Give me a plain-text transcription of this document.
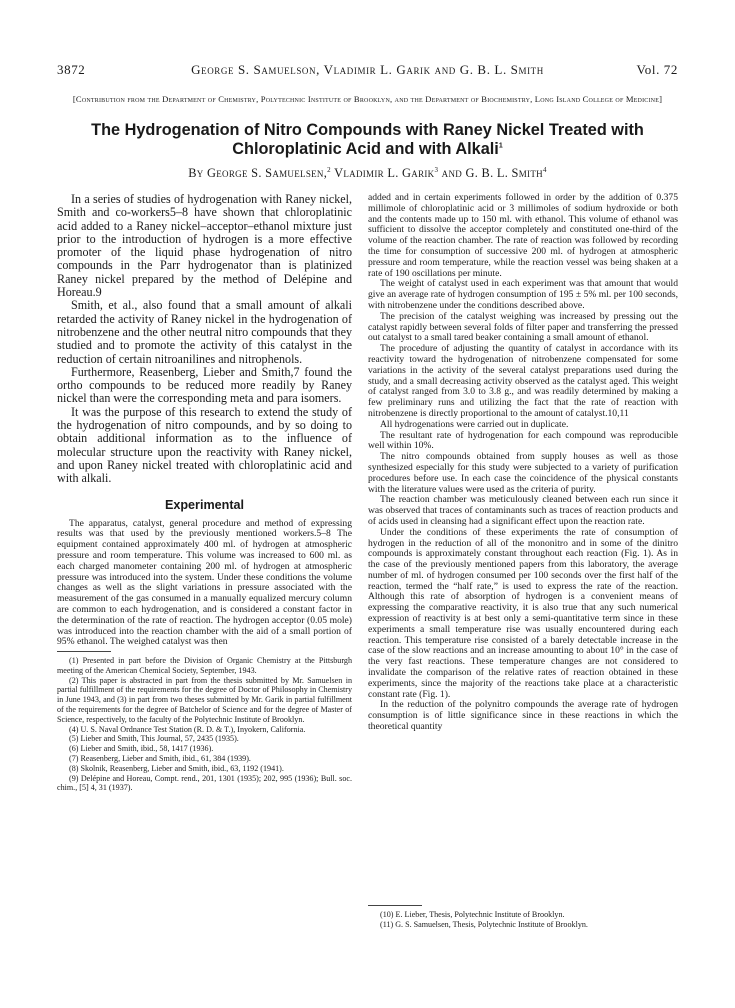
3872	George S. Samuelson, Vladimir L. Garik and G. B. L. Smith	Vol. 72
[Contribution from the Department of Chemistry, Polytechnic Institute of Brooklyn, and the Department of Biochemistry, Long Island College of Medicine]
The Hydrogenation of Nitro Compounds with Raney Nickel Treated with Chloroplatinic Acid and with Alkali$^1$
By George S. Samuelsen,$^2$ Vladimir L. Garik$^3$ and G. B. L. Smith$^4$

In a series of studies of hydrogenation with Raney nickel, Smith and co-workers5–8 have shown that chloroplatinic acid added to a Raney nickel–acceptor–ethanol mixture just prior to the introduction of hydrogen is a more effective promoter of the liquid phase hydrogenation of nitro compounds in the Parr hydrogenator than is platinized Raney nickel prepared by the method of Delépine and Horeau.9

Smith, et al., also found that a small amount of alkali retarded the activity of Raney nickel in the hydrogenation of nitrobenzene and the other neutral nitro compounds that they studied and to promote the activity of this catalyst in the reduction of certain nitroanilines and nitrophenols.

Furthermore, Reasenberg, Lieber and Smith,7 found the ortho compounds to be reduced more readily by Raney nickel than were the corresponding meta and para isomers.

It was the purpose of this research to extend the study of the hydrogenation of nitro compounds, and by so doing to obtain additional information as to the influence of molecular structure upon the reactivity with Raney nickel, and upon Raney nickel treated with chloroplatinic acid and with alkali.

Experimental

The apparatus, catalyst, general procedure and method of expressing results was that used by the previously mentioned workers.5–8 The equipment contained approximately 400 ml. of hydrogen at atmospheric pressure and room temperature. This volume was increased to 600 ml. as each charged manometer containing 200 ml. of hydrogen at atmospheric pressure was introduced into the system. Under these conditions the volume changes as well as the slight variations in pressure associated with the measurement of the gas consumed in a manually equalized mercury column are common to each hydrogenation, and is considered a constant factor in the determination of the rate of reaction. The hydrogen acceptor (0.05 mole) was introduced into the reaction chamber with the aid of a small portion of 95% ethanol. The weighed catalyst was then

(1) Presented in part before the Division of Organic Chemistry at the Pittsburgh meeting of the American Chemical Society, September, 1943.

(2) This paper is abstracted in part from the thesis submitted by Mr. Samuelsen in partial fulfillment of the requirements for the degree of Doctor of Philosophy in Chemistry in June 1943, and (3) in part from two theses submitted by Mr. Garik in partial fulfillment of the requirements for the degree of Batchelor of Science and for the degree of Master of Science, respectively, to the faculty of the Polytechnic Institute of Brooklyn.

(4) U. S. Naval Ordnance Test Station (R. D. & T.), Inyokern, California.

(5) Lieber and Smith, This Journal, 57, 2435 (1935).

(6) Lieber and Smith, ibid., 58, 1417 (1936).

(7) Reasenberg, Lieber and Smith, ibid., 61, 384 (1939).

(8) Skolnik, Reasenberg, Lieber and Smith, ibid., 63, 1192 (1941).

(9) Delépine and Horeau, Compt. rend., 201, 1301 (1935); 202, 995 (1936); Bull. soc. chim., [5] 4, 31 (1937).

added and in certain experiments followed in order by the addition of 0.375 millimole of chloroplatinic acid or 3 millimoles of sodium hydroxide or both and the contents made up to 150 ml. with ethanol. This volume of ethanol was sufficient to dissolve the acceptor completely and constituted one-third of the volume of the reaction chamber. The rate of reaction was followed by recording the time for consumption of successive 200 ml. of hydrogen at atmospheric pressure and room temperature, while the reaction vessel was being shaken at a rate of 190 oscillations per minute.

The weight of catalyst used in each experiment was that amount that would give an average rate of hydrogen consumption of 195 ± 5% ml. per 100 seconds, with nitrobenzene under the conditions described above.

The precision of the catalyst weighing was increased by pressing out the catalyst rapidly between several folds of filter paper and transferring the pressed out catalyst to a small tared beaker containing a small amount of ethanol.

The procedure of adjusting the quantity of catalyst in accordance with its reactivity toward the hydrogenation of nitrobenzene compensated for some variations in the activity of the several catalyst preparations used during the study, and a small decreasing activity observed as the catalyst aged. This weight of catalyst ranged from 3.0 to 3.8 g., and was readily determined by making a few preliminary runs and utilizing the fact that the rate of reaction with nitrobenzene is directly proportional to the amount of catalyst.10,11

All hydrogenations were carried out in duplicate.

The resultant rate of hydrogenation for each compound was reproducible well within 10%.

The nitro compounds obtained from supply houses as well as those synthesized especially for this study were subjected to a variety of purification procedures before use. In each case the coincidence of the physical constants with the literature values were used as the criteria of purity.

The reaction chamber was meticulously cleaned between each run since it was observed that traces of contaminants such as traces of reaction products and of acids used in cleansing had a significant effect upon the reaction rate.

Under the conditions of these experiments the rate of consumption of hydrogen in the reduction of all of the mononitro and in some of the dinitro compounds is approximately constant throughout each reaction (Fig. 1). As in the case of the previously mentioned papers from this laboratory, the average number of ml. of hydrogen consumed per 100 seconds over the first half of the reaction, termed the “half rate,” is used to express the rate of the reaction. Although this rate of absorption of hydrogen is a convenient means of expressing the comparative reactivity, it is also true that any such numerical expression of reactivity is at best only a semi-quantitative term since in these experiments a small temperature rise was usually encountered during each reaction. This temperature rise consisted of a barely detectable increase in the case of the slow reactions and an increase amounting to about 10° in the case of the very fast reactions. These temperature changes are not considered to invalidate the comparison of the relative rates of reaction obtained in these experiments, since the majority of the reactions take place at a characteristic constant rate (Fig. 1).

In the reduction of the polynitro compounds the average rate of hydrogen consumption is of little significance since in these reactions in which the theoretical quantity

(10) E. Lieber, Thesis, Polytechnic Institute of Brooklyn.

(11) G. S. Samuelsen, Thesis, Polytechnic Institute of Brooklyn.
